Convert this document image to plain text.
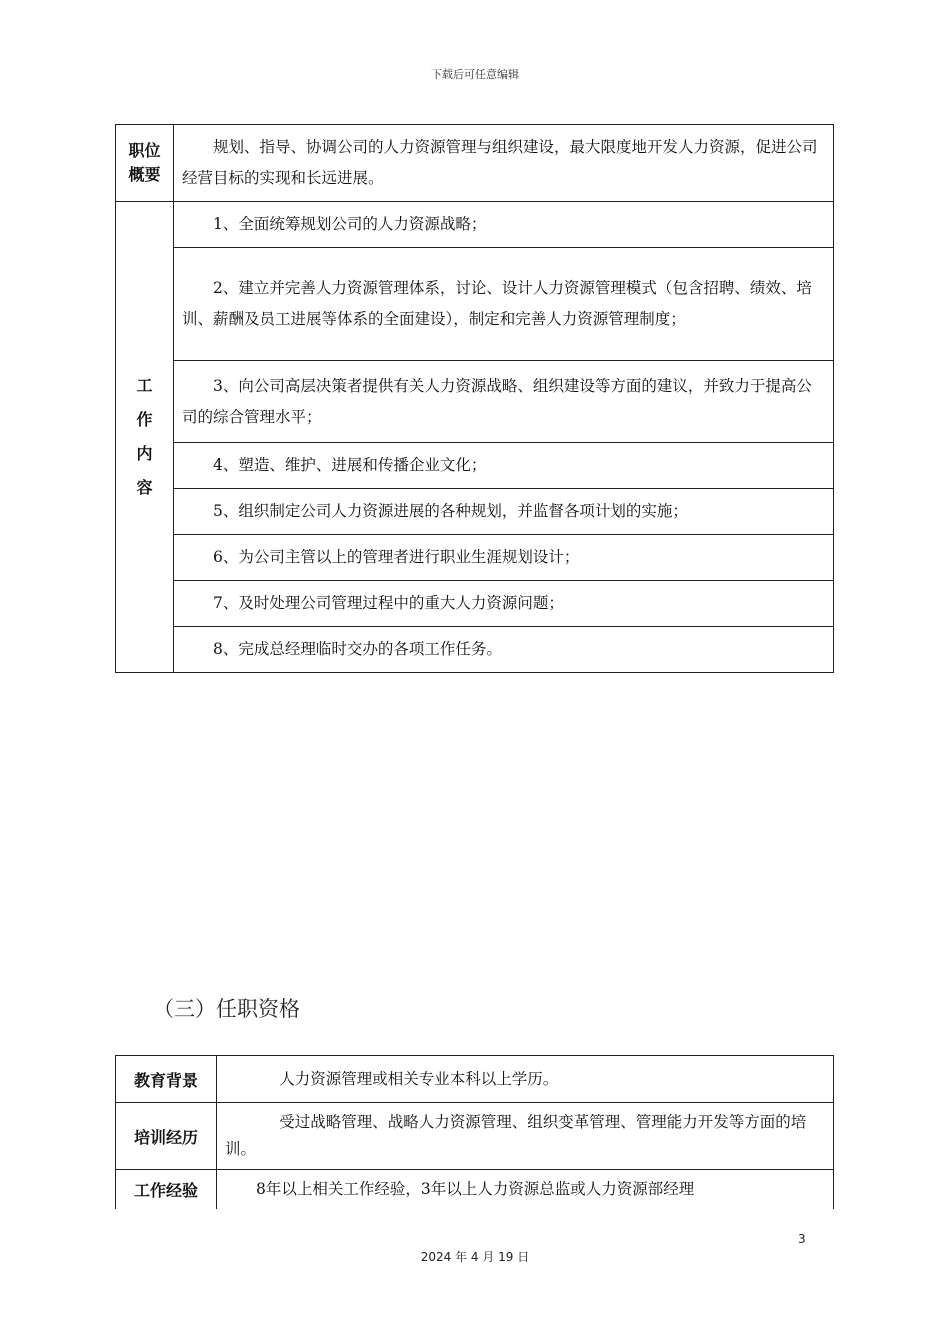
下载后可任意编辑
职位概要	规划、指导、协调公司的人力资源管理与组织建设，最大限度地开发人力资源，促进公司经营目标的实现和长远进展。

工
作
内
容	1、全面统筹规划公司的人力资源战略；
	2、建立并完善人力资源管理体系，讨论、设计人力资源管理模式（包含招聘、绩效、培训、薪酬及员工进展等体系的全面建设），制定和完善人力资源管理制度；
	3、向公司高层决策者提供有关人力资源战略、组织建设等方面的建议，并致力于提高公司的综合管理水平；
	4、塑造、维护、进展和传播企业文化；
	5、组织制定公司人力资源进展的各种规划，并监督各项计划的实施；
	6、为公司主管以上的管理者进行职业生涯规划设计；
	7、及时处理公司管理过程中的重大人力资源问题；
	8、完成总经理临时交办的各项工作任务。
（三）任职资格
教育背景	人力资源管理或相关专业本科以上学历。
培训经历	受过战略管理、战略人力资源管理、组织变革管理、管理能力开发等方面的培训。
工作经验	8年以上相关工作经验，3年以上人力资源总监或人力资源部经理
3
2024 年 4 月 19 日
